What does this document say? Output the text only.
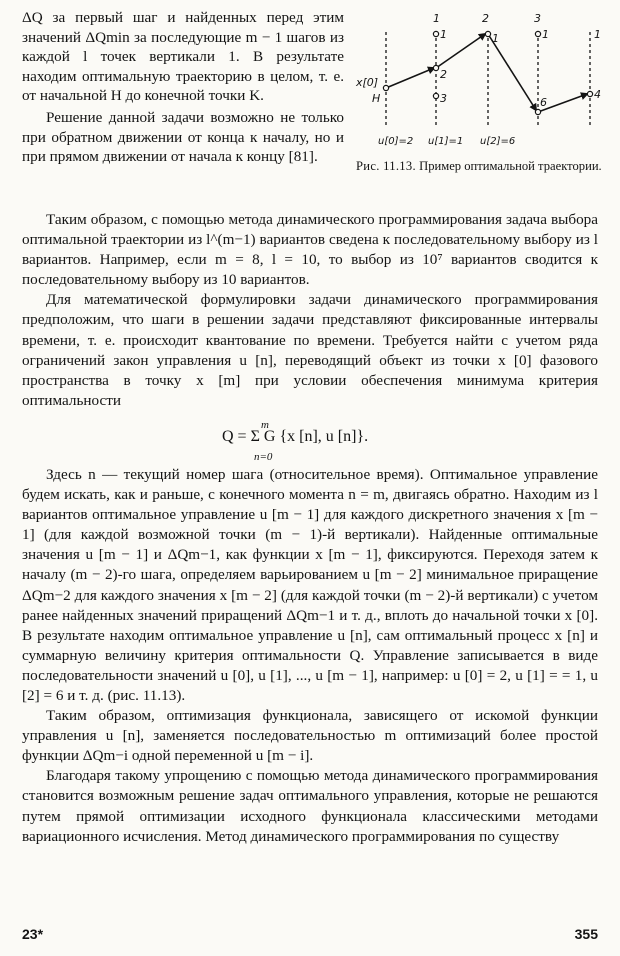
ΔQ за первый шаг и найденных перед этим значений ΔQmin за последующие m − 1 шагов из каждой l точек вертикали 1. В результате находим оптимальную траекторию в целом, т. е. от начальной H до конечной точки K.

Решение данной задачи возможно не только при обратном движении от конца к началу, но и при прямом движении от начала к концу [81].

1	2	3
x[0]
H
1
2
3
1	1
6
1
4
u[0]=2 u[1]=1 u[2]=6
Рис. 11.13. Пример оптимальной траектории.

Таким образом, с помощью метода динамического программирования задача выбора оптимальной траектории из l^(m−1) вариантов сведена к последовательному выбору из l вариантов. Например, если m = 8, l = 10, то выбор из 10⁷ вариантов сводится к последовательному выбору из 10 вариантов.

Для математической формулировки задачи динамического программирования предположим, что шаги в решении задачи представляют фиксированные интервалы времени, т. е. происходит квантование по времени. Требуется найти с учетом ряда ограничений закон управления u [n], переводящий объект из точки x [0] фазового пространства в точку x [m] при условии обеспечения минимума критерия оптимальности

m
Q = Σ G {x [n], u [n]}.
n=0

Здесь n — текущий номер шага (относительное время). Оптимальное управление будем искать, как и раньше, с конечного момента n = m, двигаясь обратно. Находим из l вариантов оптимальное управление u [m − 1] для каждого дискретного значения x [m − 1] (для каждой возможной точки (m − 1)-й вертикали). Найденные оптимальные значения u [m − 1] и ΔQm−1, как функции x [m − 1], фиксируются. Переходя затем к началу (m − 2)-го шага, определяем варьированием u [m − 2] минимальное приращение ΔQm−2 для каждого значения x [m − 2] (для каждой точки (m − 2)-й вертикали) с учетом ранее найденных значений приращений ΔQm−1 и т. д., вплоть до начальной точки x [0]. В результате находим оптимальное управление u [n], сам оптимальный процесс x [n] и суммарную величину критерия оптимальности Q. Управление записывается в виде последовательности значений u [0], u [1], ..., u [m − 1], например: u [0] = 2, u [1] = = 1, u [2] = 6 и т. д. (рис. 11.13).

Таким образом, оптимизация функционала, зависящего от искомой функции управления u [n], заменяется последовательностью m оптимизаций более простой функции ΔQm−i одной переменной u [m − i].

Благодаря такому упрощению с помощью метода динамического программирования становится возможным решение задач оптимального управления, которые не решаются путем прямой оптимизации исходного функционала классическими методами вариационного исчисления. Метод динамического программирования по существу

23*	355
